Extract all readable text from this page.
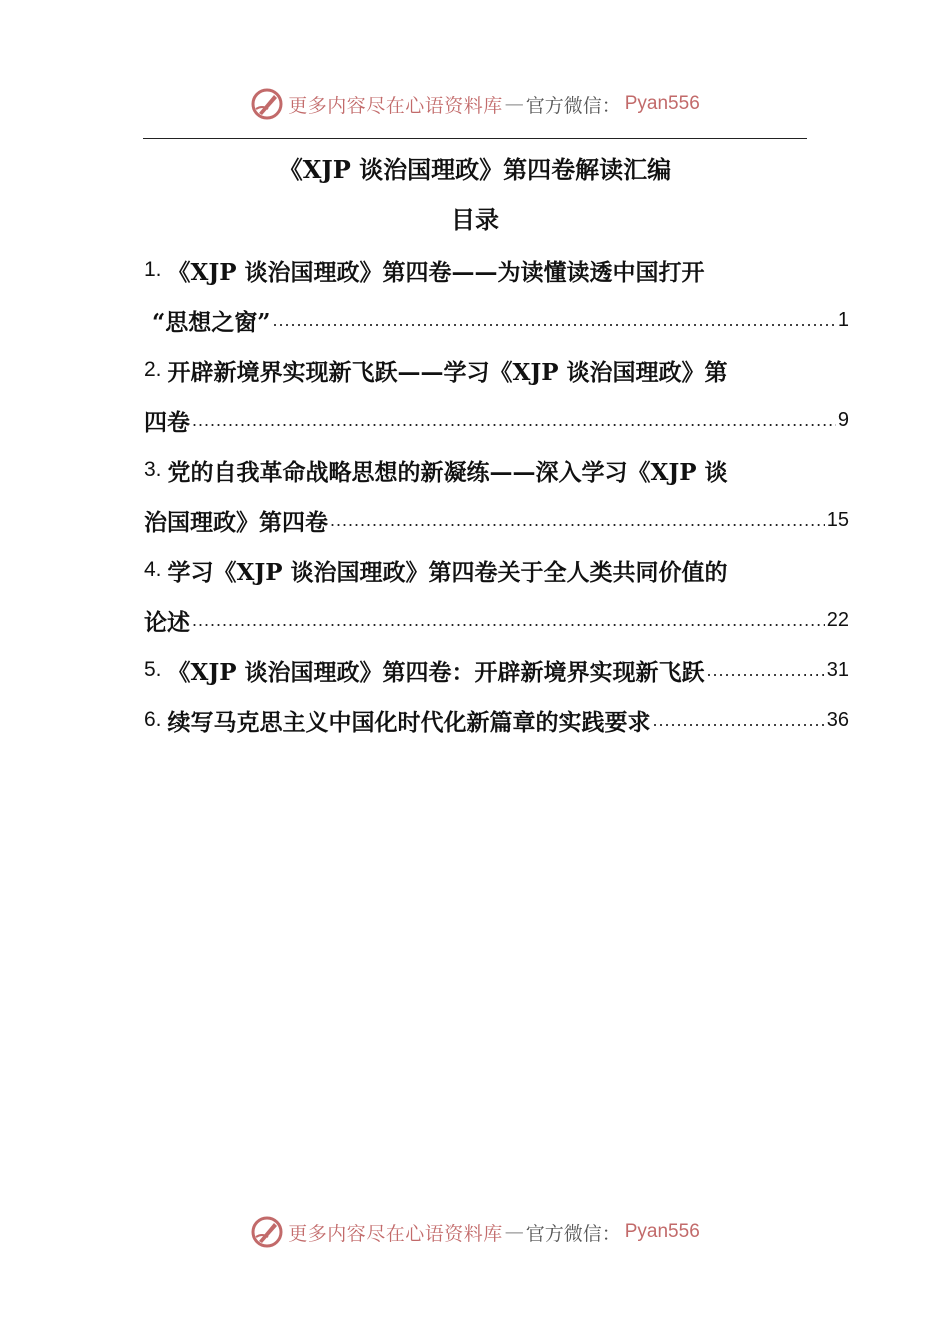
更多内容尽在心语资料库 — 官方微信： Pyan556
《XJP 谈治国理政》第四卷解读汇编
目录
1. 《XJP 谈治国理政》第四卷——为读懂读透中国打开
“思想之窗” .....	1
2. 开辟新境界实现新飞跃——学习《XJP 谈治国理政》第
四卷 .....	9
3. 党的自我革命战略思想的新凝练——深入学习《XJP 谈
治国理政》第四卷 .....	15
4. 学习《XJP 谈治国理政》第四卷关于全人类共同价值的
论述 .....	22
5. 《XJP 谈治国理政》第四卷：开辟新境界实现新飞跃 .....	31
6. 续写马克思主义中国化时代化新篇章的实践要求 .....	36
更多内容尽在心语资料库 — 官方微信： Pyan556
